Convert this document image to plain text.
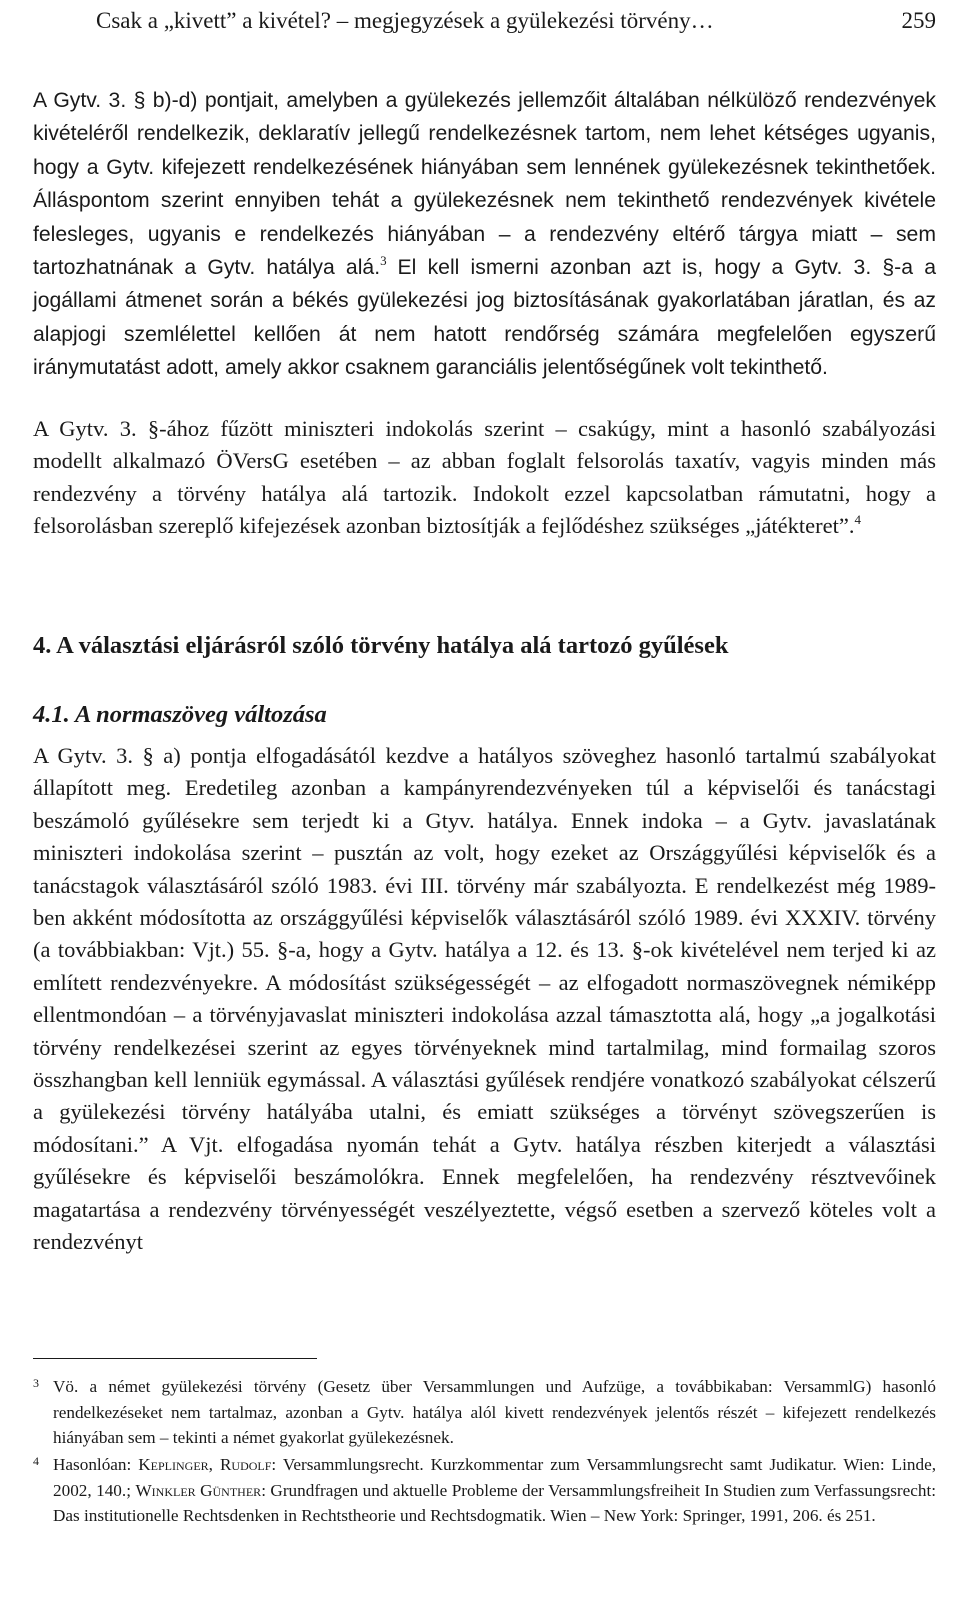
Csak a „kivett” a kivétel? – megjegyzések a gyülekezési törvény…	259

A Gytv. 3. § b)-d) pontjait, amelyben a gyülekezés jellemzőit általában nélkülöző rendezvények kivételéről rendelkezik, deklaratív jellegű rendelkezésnek tartom, nem lehet kétséges ugyanis, hogy a Gytv. kifejezett rendelkezésének hiányában sem lennének gyülekezésnek tekinthetőek. Álláspontom szerint ennyiben tehát a gyülekezésnek nem tekinthető rendezvények kivétele felesleges, ugyanis e rendelkezés hiányában – a rendezvény eltérő tárgya miatt – sem tartozhatnának a Gytv. hatálya alá.$^3$ El kell ismerni azonban azt is, hogy a Gytv. 3. §-a a jogállami átmenet során a békés gyülekezési jog biztosításának gyakorlatában járatlan, és az alapjogi szemlélettel kellően át nem hatott rendőrség számára megfelelően egyszerű iránymutatást adott, amely akkor csaknem garanciális jelentőségűnek volt tekinthető.

A Gytv. 3. §-ához fűzött miniszteri indokolás szerint – csakúgy, mint a hasonló szabályozási modellt alkalmazó ÖVersG esetében – az abban foglalt felsorolás taxatív, vagyis minden más rendezvény a törvény hatálya alá tartozik. Indokolt ezzel kapcsolatban rámutatni, hogy a felsorolásban szereplő kifejezések azonban biztosítják a fejlődéshez szükséges „játékteret”.$^4$

4. A választási eljárásról szóló törvény hatálya alá tartozó gyűlések
4.1. A normaszöveg változása

A Gytv. 3. § a) pontja elfogadásától kezdve a hatályos szöveghez hasonló tartalmú szabályokat állapított meg. Eredetileg azonban a kampányrendezvényeken túl a képviselői és tanácstagi beszámoló gyűlésekre sem terjedt ki a Gtyv. hatálya. Ennek indoka – a Gytv. javaslatának miniszteri indokolása szerint – pusztán az volt, hogy ezeket az Országgyűlési képviselők és a tanácstagok választásáról szóló 1983. évi III. törvény már szabályozta. E rendelkezést még 1989-ben akként módosította az országgyűlési képviselők választásáról szóló 1989. évi XXXIV. törvény (a továbbiakban: Vjt.) 55. §-a, hogy a Gytv. hatálya a 12. és 13. §-ok kivételével nem terjed ki az említett rendezvényekre. A módosítást szükségességét – az elfogadott normaszövegnek némiképp ellentmondóan – a törvényjavaslat miniszteri indokolása azzal támasztotta alá, hogy „a jogalkotási törvény rendelkezései szerint az egyes törvényeknek mind tartalmilag, mind formailag szoros összhangban kell lenniük egymással. A választási gyűlések rendjére vonatkozó szabályokat célszerű a gyülekezési törvény hatályába utalni, és emiatt szükséges a törvényt szövegszerűen is módosítani.” A Vjt. elfogadása nyomán tehát a Gytv. hatálya részben kiterjedt a választási gyűlésekre és képviselői beszámolókra. Ennek megfelelően, ha rendezvény résztvevőinek magatartása a rendezvény törvényességét veszélyeztette, végső esetben a szervező köteles volt a rendezvényt

3 Vö. a német gyülekezési törvény (Gesetz über Versammlungen und Aufzüge, a továbbikaban: VersammlG) hasonló rendelkezéseket nem tartalmaz, azonban a Gytv. hatálya alól kivett rendezvények jelentős részét – kifejezett rendelkezés hiányában sem – tekinti a német gyakorlat gyülekezésnek.

4 Hasonlóan: Keplinger, Rudolf: Versammlungsrecht. Kurzkommentar zum Versammlungsrecht samt Judikatur. Wien: Linde, 2002, 140.; Winkler Günther: Grundfragen und aktuelle Probleme der Versammlungsfreiheit In Studien zum Verfassungsrecht: Das institutionelle Rechtsdenken in Rechtstheorie und Rechtsdogmatik. Wien – New York: Springer, 1991, 206. és 251.
